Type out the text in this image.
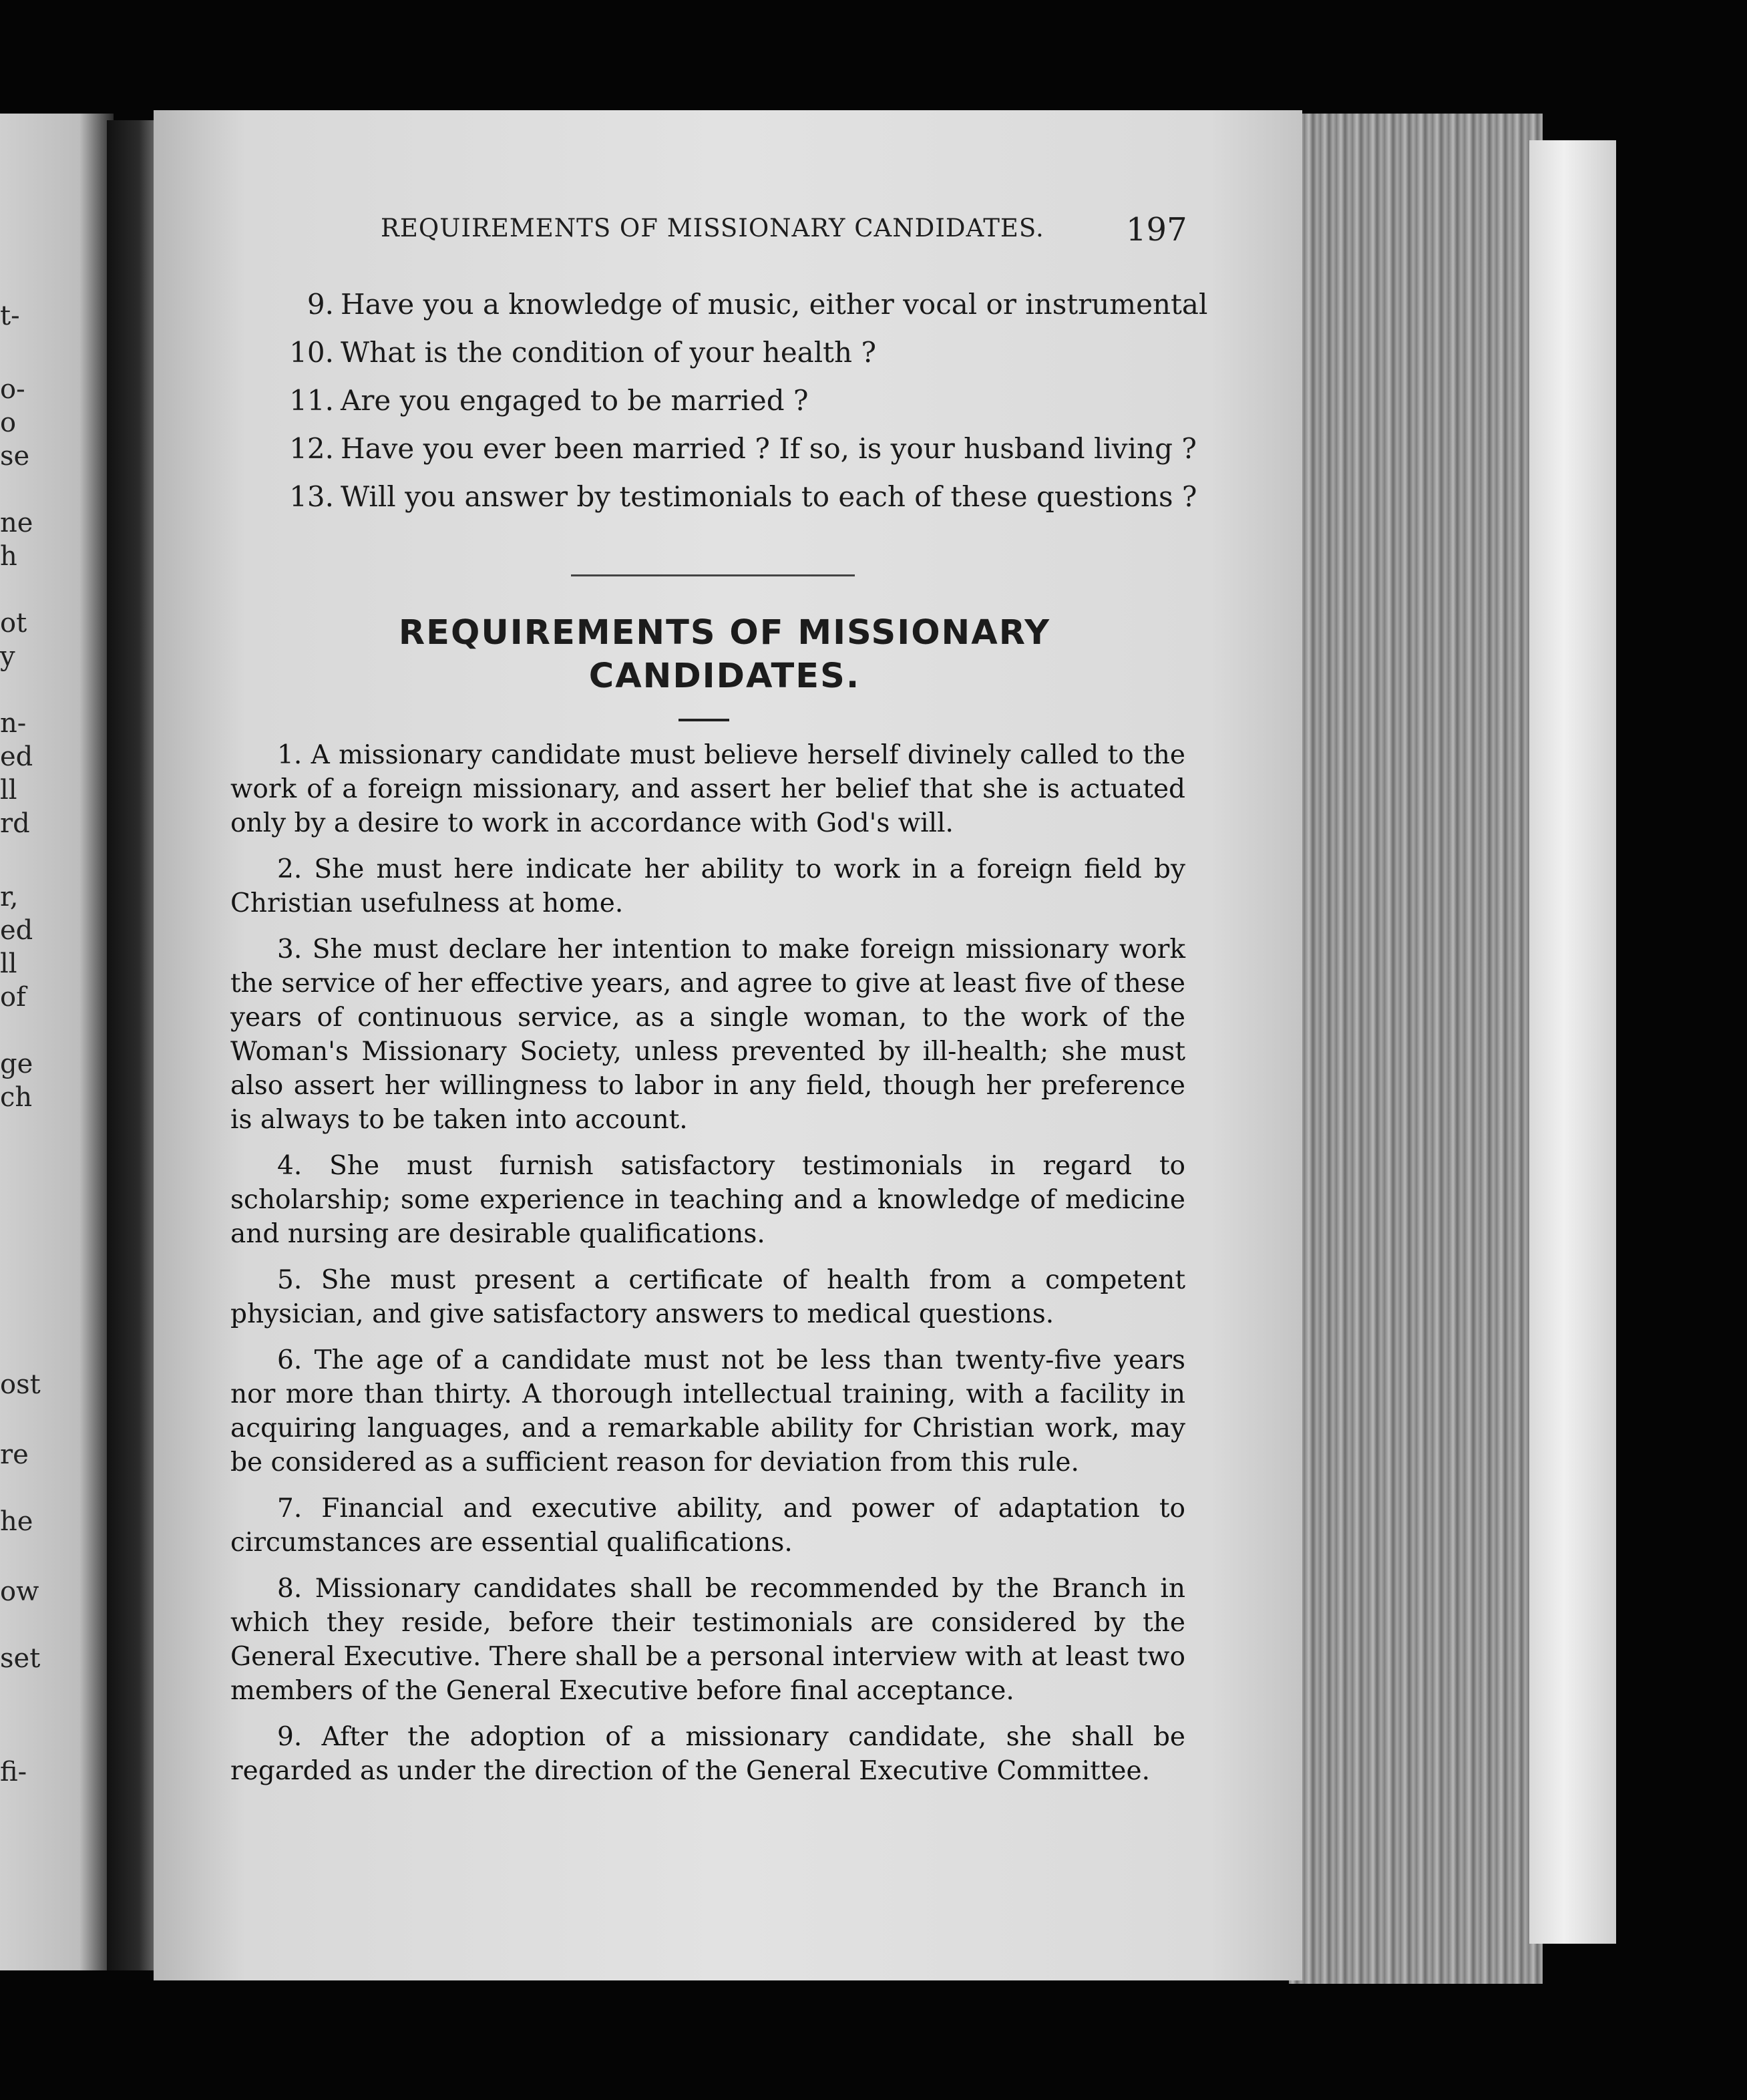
t-
o-
o
se
ne
h
ot
y
n-
ed
ll
rd
r,
ed
ll
of
ge
ch
ost
re
he
ow
set
fi-
REQUIREMENTS OF MISSIONARY CANDIDATES.	197
9. Have you a knowledge of music, either vocal or instrumental
10. What is the condition of your health ?
11. Are you engaged to be married ?
12. Have you ever been married ? If so, is your husband living ?
13. Will you answer by testimonials to each of these questions ?
REQUIREMENTS OF MISSIONARY
CANDIDATES.

1. A missionary candidate must believe herself divinely called to the work of a foreign missionary, and assert her belief that she is actuated only by a desire to work in accordance with God's will.

2. She must here indicate her ability to work in a foreign field by Christian usefulness at home.

3. She must declare her intention to make foreign missionary work the service of her effective years, and agree to give at least five of these years of continuous service, as a single woman, to the work of the Woman's Missionary Society, unless prevented by ill-health; she must also assert her willingness to labor in any field, though her preference is always to be taken into account.

4. She must furnish satisfactory testimonials in regard to scholarship; some experience in teaching and a knowledge of medicine and nursing are desirable qualifications.

5. She must present a certificate of health from a competent physician, and give satisfactory answers to medical questions.

6. The age of a candidate must not be less than twenty-five years nor more than thirty. A thorough intellectual training, with a facility in acquiring languages, and a remarkable ability for Christian work, may be considered as a sufficient reason for deviation from this rule.

7. Financial and executive ability, and power of adaptation to circumstances are essential qualifications.

8. Missionary candidates shall be recommended by the Branch in which they reside, before their testimonials are considered by the General Executive. There shall be a personal interview with at least two members of the General Executive before final acceptance.

9. After the adoption of a missionary candidate, she shall be regarded as under the direction of the General Executive Committee.
